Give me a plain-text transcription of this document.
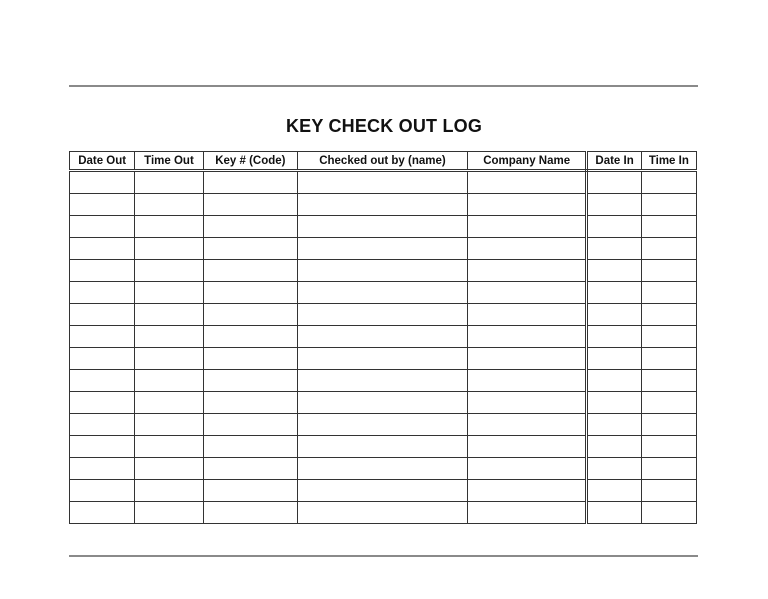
KEY CHECK OUT LOG
Date Out	Time Out	Key # (Code)	Checked out by (name)	Company Name	Date In	Time In
